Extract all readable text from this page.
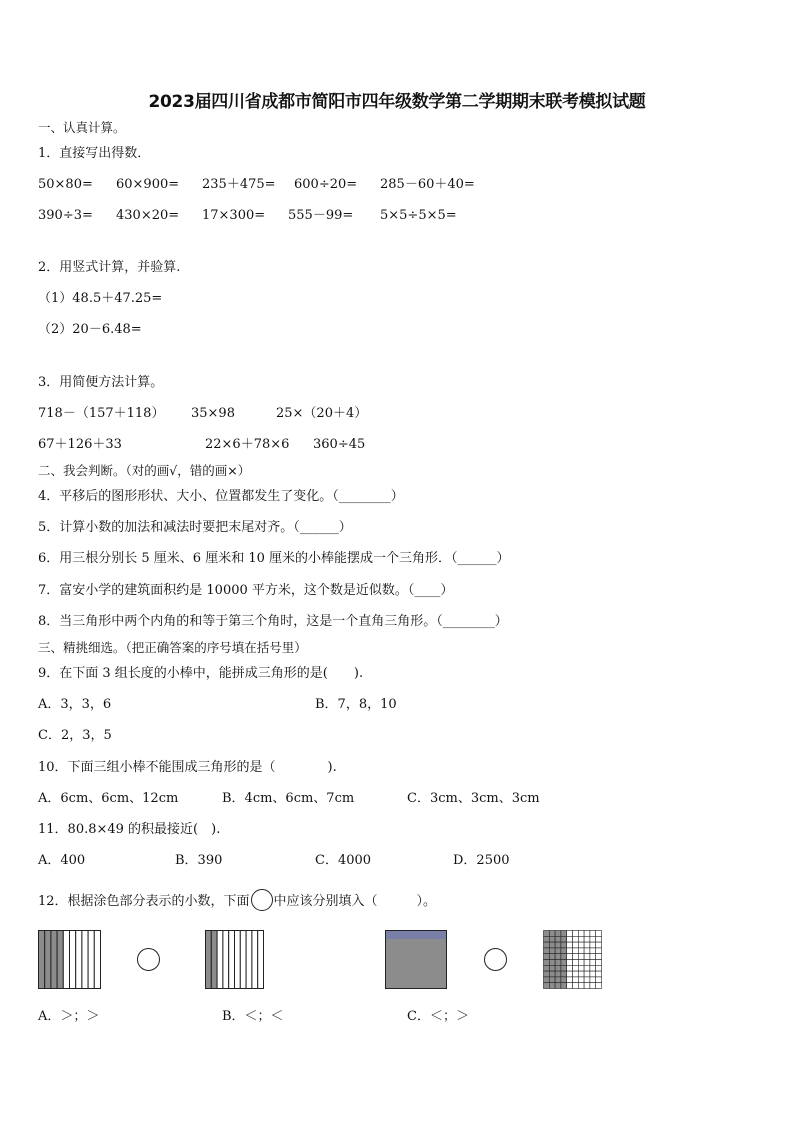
2023届四川省成都市简阳市四年级数学第二学期期末联考模拟试题
一、认真计算。
1．直接写出得数．
50×80= 60×900= 235＋475= 600÷20= 285－60＋40=
390÷3= 430×20= 17×300= 555－99= 5×5÷5×5=
2．用竖式计算，并验算.
（1）48.5＋47.25=
（2）20－6.48=
3．用简便方法计算。
718－（157＋118） 35×98	25×（20＋4）
67＋126＋33	22×6＋78×6 360÷45
二、我会判断。（对的画√，错的画×）
4．平移后的图形形状、大小、位置都发生了变化。（________）
5．计算小数的加法和减法时要把末尾对齐。（______）
6．用三根分别长 5 厘米、6 厘米和 10 厘米的小棒能摆成一个三角形．（______）
7．富安小学的建筑面积约是 10000 平方米，这个数是近似数。（____）
8．当三角形中两个内角的和等于第三个角时，这是一个直角三角形。（________）
三、精挑细选。（把正确答案的序号填在括号里）
9．在下面 3 组长度的小棒中，能拼成三角形的是(　　).
A．3，3，6	B．7，8，10
C．2，3，5
10．下面三组小棒不能围成三角形的是（　　　　).
A．6cm、6cm、12cm	B．4cm、6cm、7cm	C．3cm、3cm、3cm
11．80.8×49 的积最接近(　).
A．400	B．390	C．4000	D．2500
12．根据涂色部分表示的小数，下面 中应该分别填入（　　　）。
A．＞；＞	B．＜；＜	C．＜；＞
